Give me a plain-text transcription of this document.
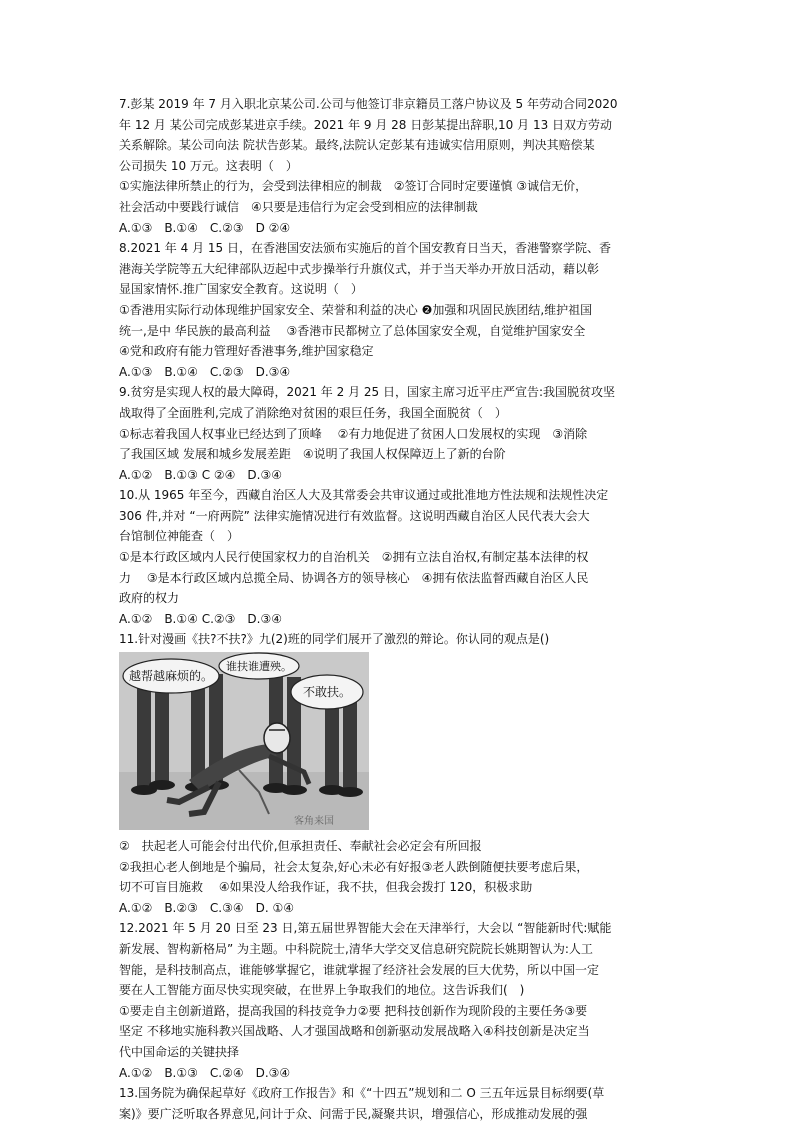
7.彭某 2019 年 7 月入职北京某公司.公司与他签订非京籍员工落户协议及 5 年劳动合同2020
年 12 月 某公司完成彭某进京手续。2021 年 9 月 28 日彭某提出辞职,10 月 13 日双方劳动
关系解除。某公司向法 院状告彭某。最终,法院认定彭某有违诚实信用原则，判决其赔偿某
公司损失 10 万元。这表明（　）
①实施法律所禁止的行为，会受到法律相应的制裁　②签订合同时定要谨慎 ③诚信无价，
社会活动中要践行诚信　④只要是违信行为定会受到相应的法律制裁
A.①③　B.①④　C.②③　D ②④
8.2021 年 4 月 15 日，在香港国安法颁布实施后的首个国安教育日当天，香港警察学院、香
港海关学院等五大纪律部队迈起中式步操举行升旗仪式，并于当天举办开放日活动，藉以彰
显国家情怀.推广国家安全教育。这说明（　）
①香港用实际行动体现维护国家安全、荣誉和利益的决心 ❷加强和巩固民族团结,维护祖国
统一,是中 华民族的最高利益　 ③香港市民都树立了总体国家安全观，自觉维护国家安全
④党和政府有能力管理好香港事务,维护国家稳定
A.①③　B.①④　C.②③　D.③④
9.贫穷是实现人权的最大障碍，2021 年 2 月 25 日，国家主席习近平庄严宣告:我国脱贫攻坚
战取得了全面胜利,完成了消除绝对贫困的艰巨任务，我国全面脱贫（　）
①标志着我国人权事业已经达到了顶峰　 ②有力地促进了贫困人口发展权的实现　③消除
了我国区域 发展和城乡发展差距　④说明了我国人权保障迈上了新的台阶
A.①②　B.①③ C ②④　D.③④
10.从 1965 年至今，西藏自治区人大及其常委会共审议通过或批准地方性法规和法规性决定
306 件,并对 “一府两院” 法律实施情况进行有效监督。这说明西藏自治区人民代表大会大
台馆制位神能查（　）
①是本行政区域内人民行使国家权力的自治机关　②拥有立法自治权,有制定基本法律的权
力　 ③是本行政区域内总揽全局、协调各方的领导核心　④拥有依法监督西藏自治区人民
政府的权力
A.①②　B.①④ C.②③　D.③④
11.针对漫画《扶?不扶?》九(2)班的同学们展开了激烈的辩论。你认同的观点是()
越帮越麻烦的。
谁扶谁遭殃。
不敢扶。
客角来国
②　扶起老人可能会付出代价,但承担责任、奉献社会必定会有所回报
②我担心老人倒地是个骗局，社会太复杂,好心未必有好报③老人跌倒随便扶要考虑后果，
切不可盲目施救　 ④如果没人给我作证，我不扶，但我会拨打 120，积极求助
A.①②　B.②③　C.③④　D. ①④
12.2021 年 5 月 20 日至 23 日,第五届世界智能大会在天津举行，大会以 “智能新时代:赋能
新发展、智构新格局” 为主题。中科院院士,清华大学交叉信息研究院院长姚期智认为:人工
智能，是科技制高点，谁能够掌握它，谁就掌握了经济社会发展的巨大优势，所以中国一定
要在人工智能方面尽快实现突破，在世界上争取我们的地位。这告诉我们(　)
①要走自主创新道路，提高我国的科技竞争力②要 把科技创新作为现阶段的主要任务③要
坚定 不移地实施科教兴国战略、人才强国战略和创新驱动发展战略入④科技创新是决定当
代中国命运的关键抉择
A.①②　B.①③　C.②④　D.③④
13.国务院为确保起草好《政府工作报告》和《“十四五”规划和二 O 三五年远景目标纲要(草
案)》要广泛听取各界意见,问计于众、问需于民,凝聚共识，增强信心，形成推动发展的强
